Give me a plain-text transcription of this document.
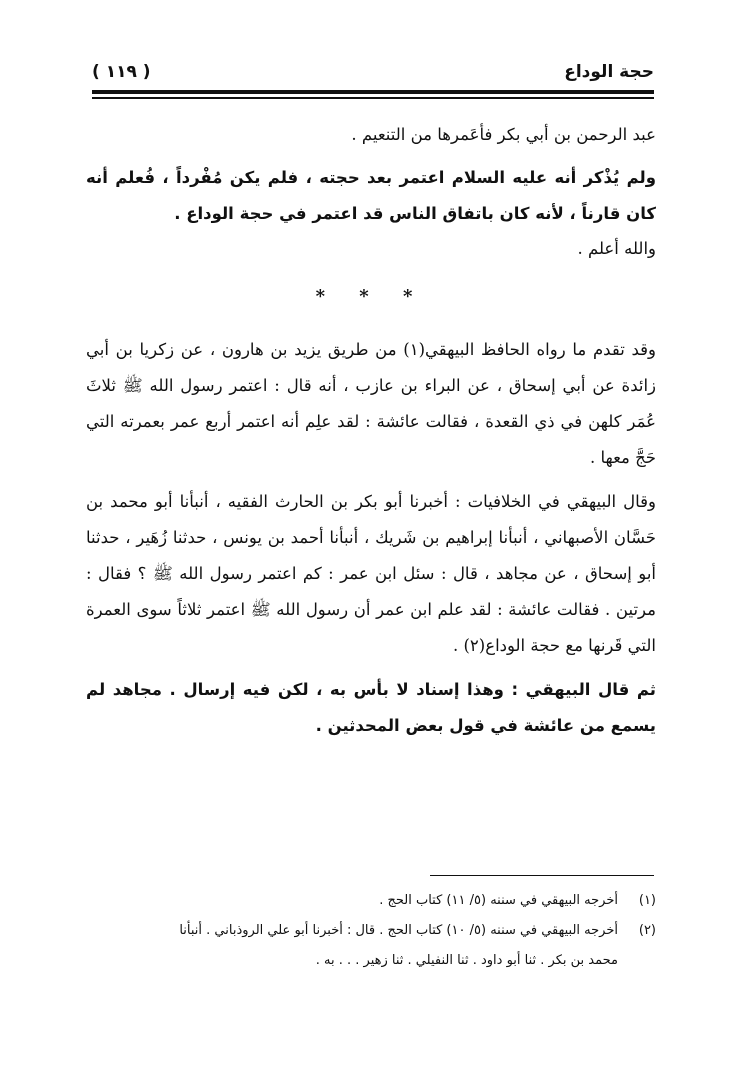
حجة الوداع
( ١١٩ )

عبد الرحمن بن أبي بكر فأعَمرها من التنعيم .

ولم يُذْكر أنه عليه السلام اعتمر بعد حجته ، فلم يكن مُفْرداً ، فُعلم أنه كان قارناً ، لأنه كان باتفاق الناس قد اعتمر في حجة الوداع .

والله أعلم .

* * *

وقد تقدم ما رواه الحافظ البيهقي(١) من طريق يزيد بن هارون ، عن زكريا بن أبي زائدة عن أبي إسحاق ، عن البراء بن عازب ، أنه قال : اعتمر رسول الله ﷺ ثلاثَ عُمَر كلهن في ذي القعدة ، فقالت عائشة : لقد علِم أنه اعتمر أربع عمر بعمرته التي حَجَّ معها .

وقال البيهقي في الخلافيات : أخبرنا أبو بكر بن الحارث الفقيه ، أنبأنا أبو محمد بن حَسَّان الأصبهاني ، أنبأنا إبراهيم بن شَريك ، أنبأنا أحمد بن يونس ، حدثنا زُهَير ، حدثنا أبو إسحاق ، عن مجاهد ، قال : سئل ابن عمر : كم اعتمر رسول الله ﷺ ؟ فقال : مرتين . فقالت عائشة : لقد علم ابن عمر أن رسول الله ﷺ اعتمر ثلاثاً سوى العمرة التي قَرنها مع حجة الوداع(٢) .

ثم قال البيهقي : وهذا إسناد لا بأس به ، لكن فيه إرسال . مجاهد لم يسمع من عائشة في قول بعض المحدثين .

(١)
أخرجه البيهقي في سننه (٥/ ١١) كتاب الحج .
(٢)
أخرجه البيهقي في سننه (٥/ ١٠) كتاب الحج . قال : أخبرنا أبو علي الروذباني . أنبأنا
محمد بن بكر . ثنا أبو داود . ثنا النفيلي . ثنا زهير . . . به .
